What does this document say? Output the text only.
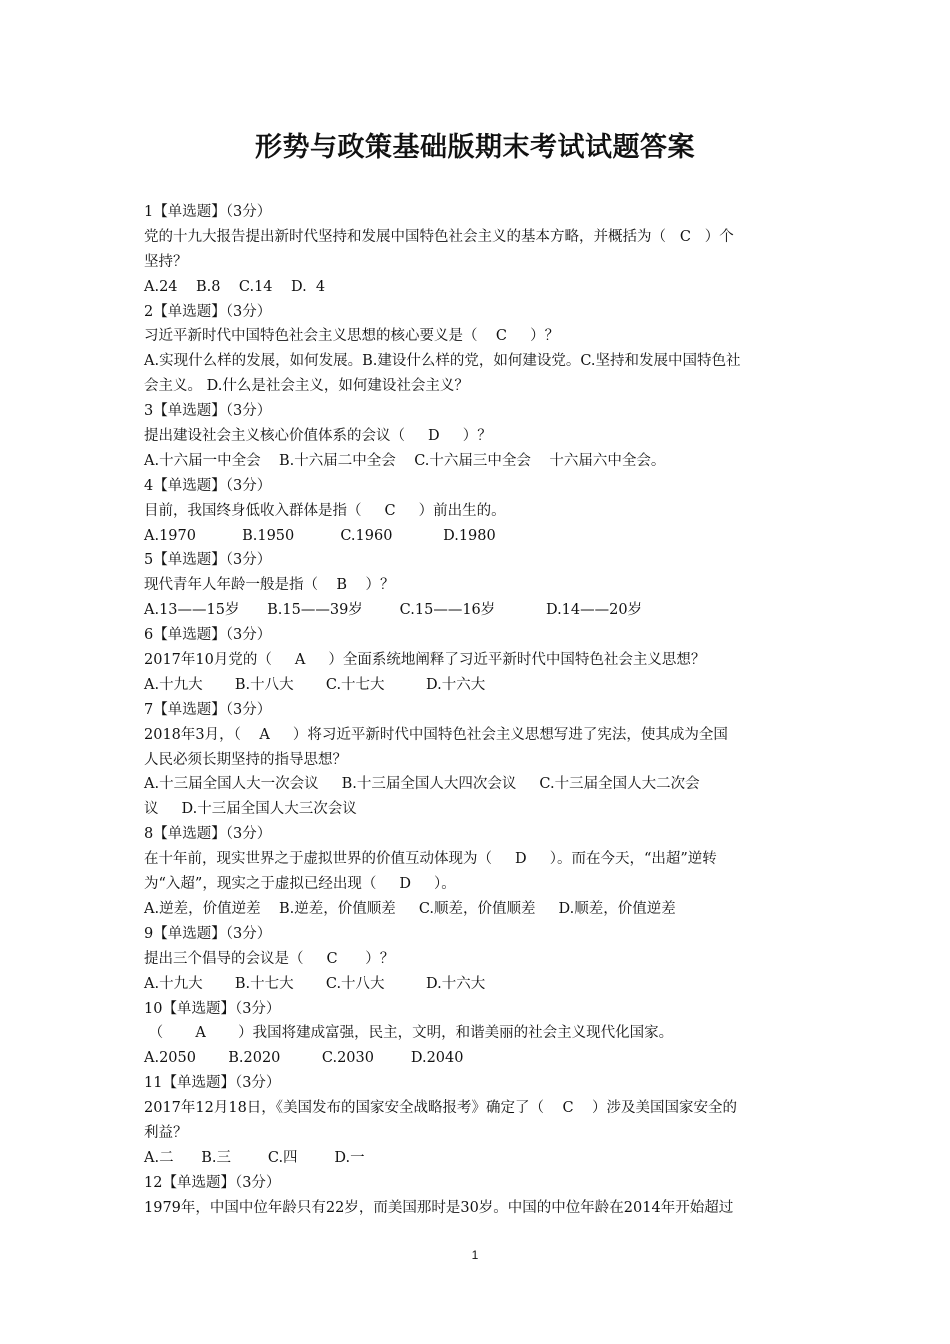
形势与政策基础版期末考试试题答案
1【单选题】（3分）
党的十九大报告提出新时代坚持和发展中国特色社会主义的基本方略，并概括为（   C   ）个
坚持？
A.24    B.8    C.14    D.  4
2【单选题】（3分）
习近平新时代中国特色社会主义思想的核心要义是（    C     ）？
A.实现什么样的发展，如何发展。B.建设什么样的党，如何建设党。C.坚持和发展中国特色社
会主义。 D.什么是社会主义，如何建设社会主义？
3【单选题】（3分）
提出建设社会主义核心价值体系的会议（     D     ）？
A.十六届一中全会    B.十六届二中全会    C.十六届三中全会    十六届六中全会。
4【单选题】（3分）
目前，我国终身低收入群体是指（     C     ）前出生的。
A.1970          B.1950          C.1960           D.1980
5【单选题】（3分）
现代青年人年龄一般是指（    B    ）？
A.13——15岁      B.15——39岁        C.15——16岁           D.14——20岁
6【单选题】（3分）
2017年10月党的（     A     ）全面系统地阐释了习近平新时代中国特色社会主义思想？
A.十九大       B.十八大       C.十七大         D.十六大
7【单选题】（3分）
2018年3月，（    A     ）将习近平新时代中国特色社会主义思想写进了宪法，使其成为全国
人民必须长期坚持的指导思想？
A.十三届全国人大一次会议     B.十三届全国人大四次会议     C.十三届全国人大二次会
议     D.十三届全国人大三次会议
8【单选题】（3分）
在十年前，现实世界之于虚拟世界的价值互动体现为（     D     ）。而在今天，“出超”逆转
为“入超”，现实之于虚拟已经出现（     D     ）。
A.逆差，价值逆差    B.逆差，价值顺差     C.顺差，价值顺差     D.顺差，价值逆差
9【单选题】（3分）
提出三个倡导的会议是（     C      ）？
A.十九大       B.十七大       C.十八大         D.十六大
10【单选题】（3分）
（       A       ）我国将建成富强，民主，文明，和谐美丽的社会主义现代化国家。
A.2050       B.2020         C.2030        D.2040
11【单选题】（3分）
2017年12月18日，《美国发布的国家安全战略报考》确定了（    C    ）涉及美国国家安全的
利益？
A.二      B.三        C.四        D.一
12【单选题】（3分）
1979年，中国中位年龄只有22岁，而美国那时是30岁。中国的中位年龄在2014年开始超过
1
